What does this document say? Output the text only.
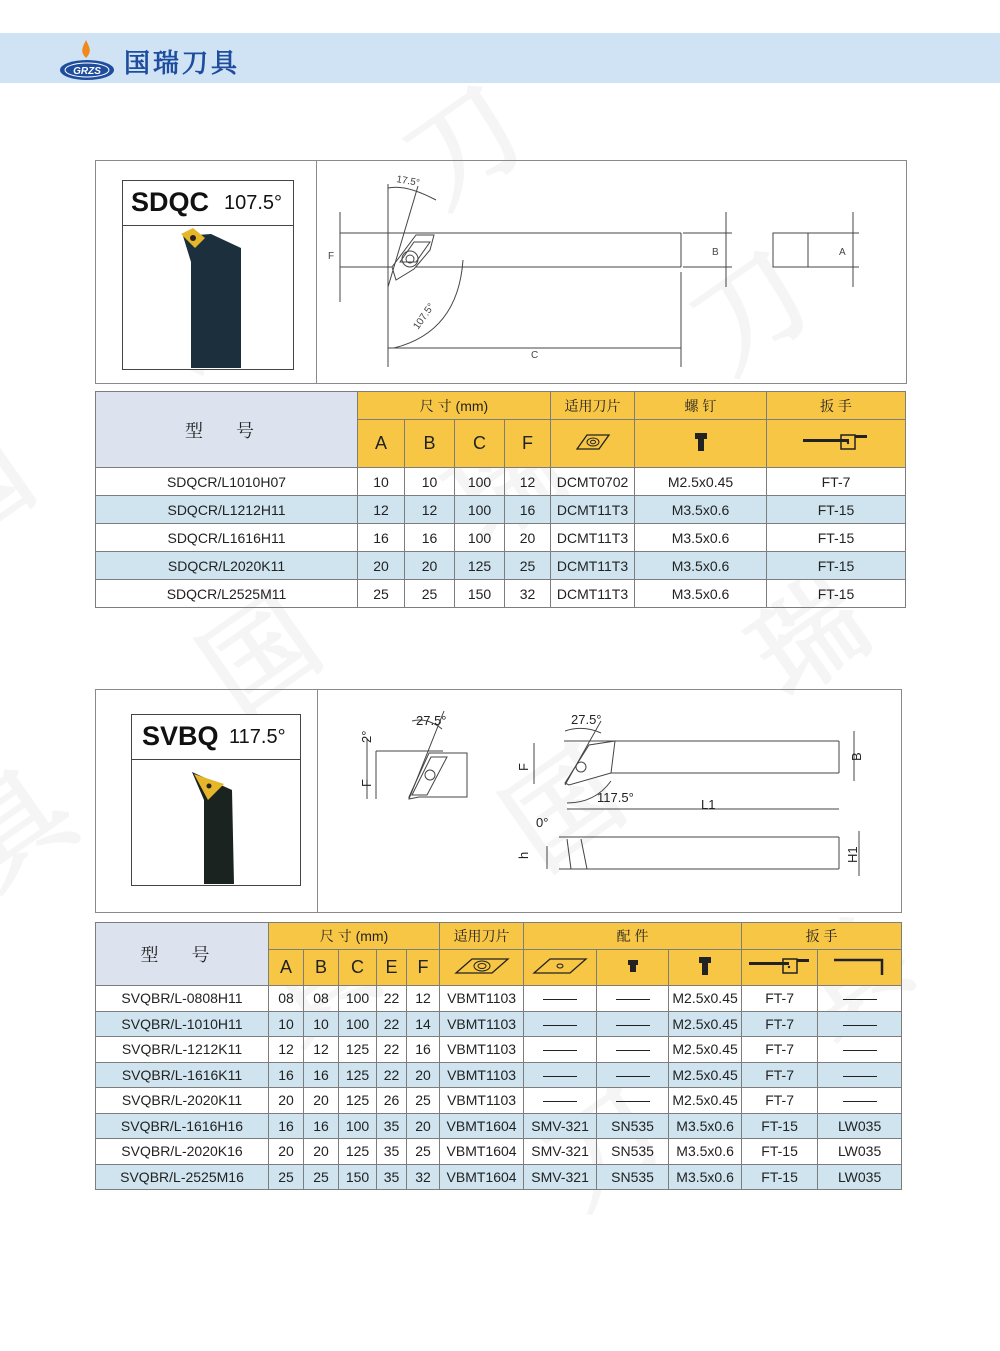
GRZS 国瑞刀具
SDQC 107.5°
17.5°
107.5°
F	B	A
C
型 号	尺 寸 (mm)				适用刀片	螺 钉	扳 手
	A	B	C	F			
SDQCR/L1010H07	10	10	100	12	DCMT0702	M2.5x0.45	FT-7
SDQCR/L1212H11	12	12	100	16	DCMT11T3	M3.5x0.6	FT-15
SDQCR/L1616H11	16	16	100	20	DCMT11T3	M3.5x0.6	FT-15
SDQCR/L2020K11	20	20	125	25	DCMT11T3	M3.5x0.6	FT-15
SDQCR/L2525M11	25	25	150	32	DCMT11T3	M3.5x0.6	FT-15
SVBQ 117.5°
27.5°
2°
F
27.5°
F
117.5°	L1
B
0°
h	H1
型 号	尺 寸 (mm)					适用刀片	配 件			扳 手	
	A	B	C	E	F						
SVQBR/L-0808H11	08	08	100	22	12	VBMT1103			M2.5x0.45	FT-7	
SVQBR/L-1010H11	10	10	100	22	14	VBMT1103			M2.5x0.45	FT-7	
SVQBR/L-1212K11	12	12	125	22	16	VBMT1103			M2.5x0.45	FT-7	
SVQBR/L-1616K11	16	16	125	22	20	VBMT1103			M2.5x0.45	FT-7	
SVQBR/L-2020K11	20	20	125	26	25	VBMT1103			M2.5x0.45	FT-7	
SVQBR/L-1616H16	16	16	100	35	20	VBMT1604	SMV-321	SN535	M3.5x0.6	FT-15	LW035
SVQBR/L-2020K16	20	20	125	35	25	VBMT1604	SMV-321	SN535	M3.5x0.6	FT-15	LW035
SVQBR/L-2525M16	25	25	150	35	32	VBMT1604	SMV-321	SN535	M3.5x0.6	FT-15	LW035
